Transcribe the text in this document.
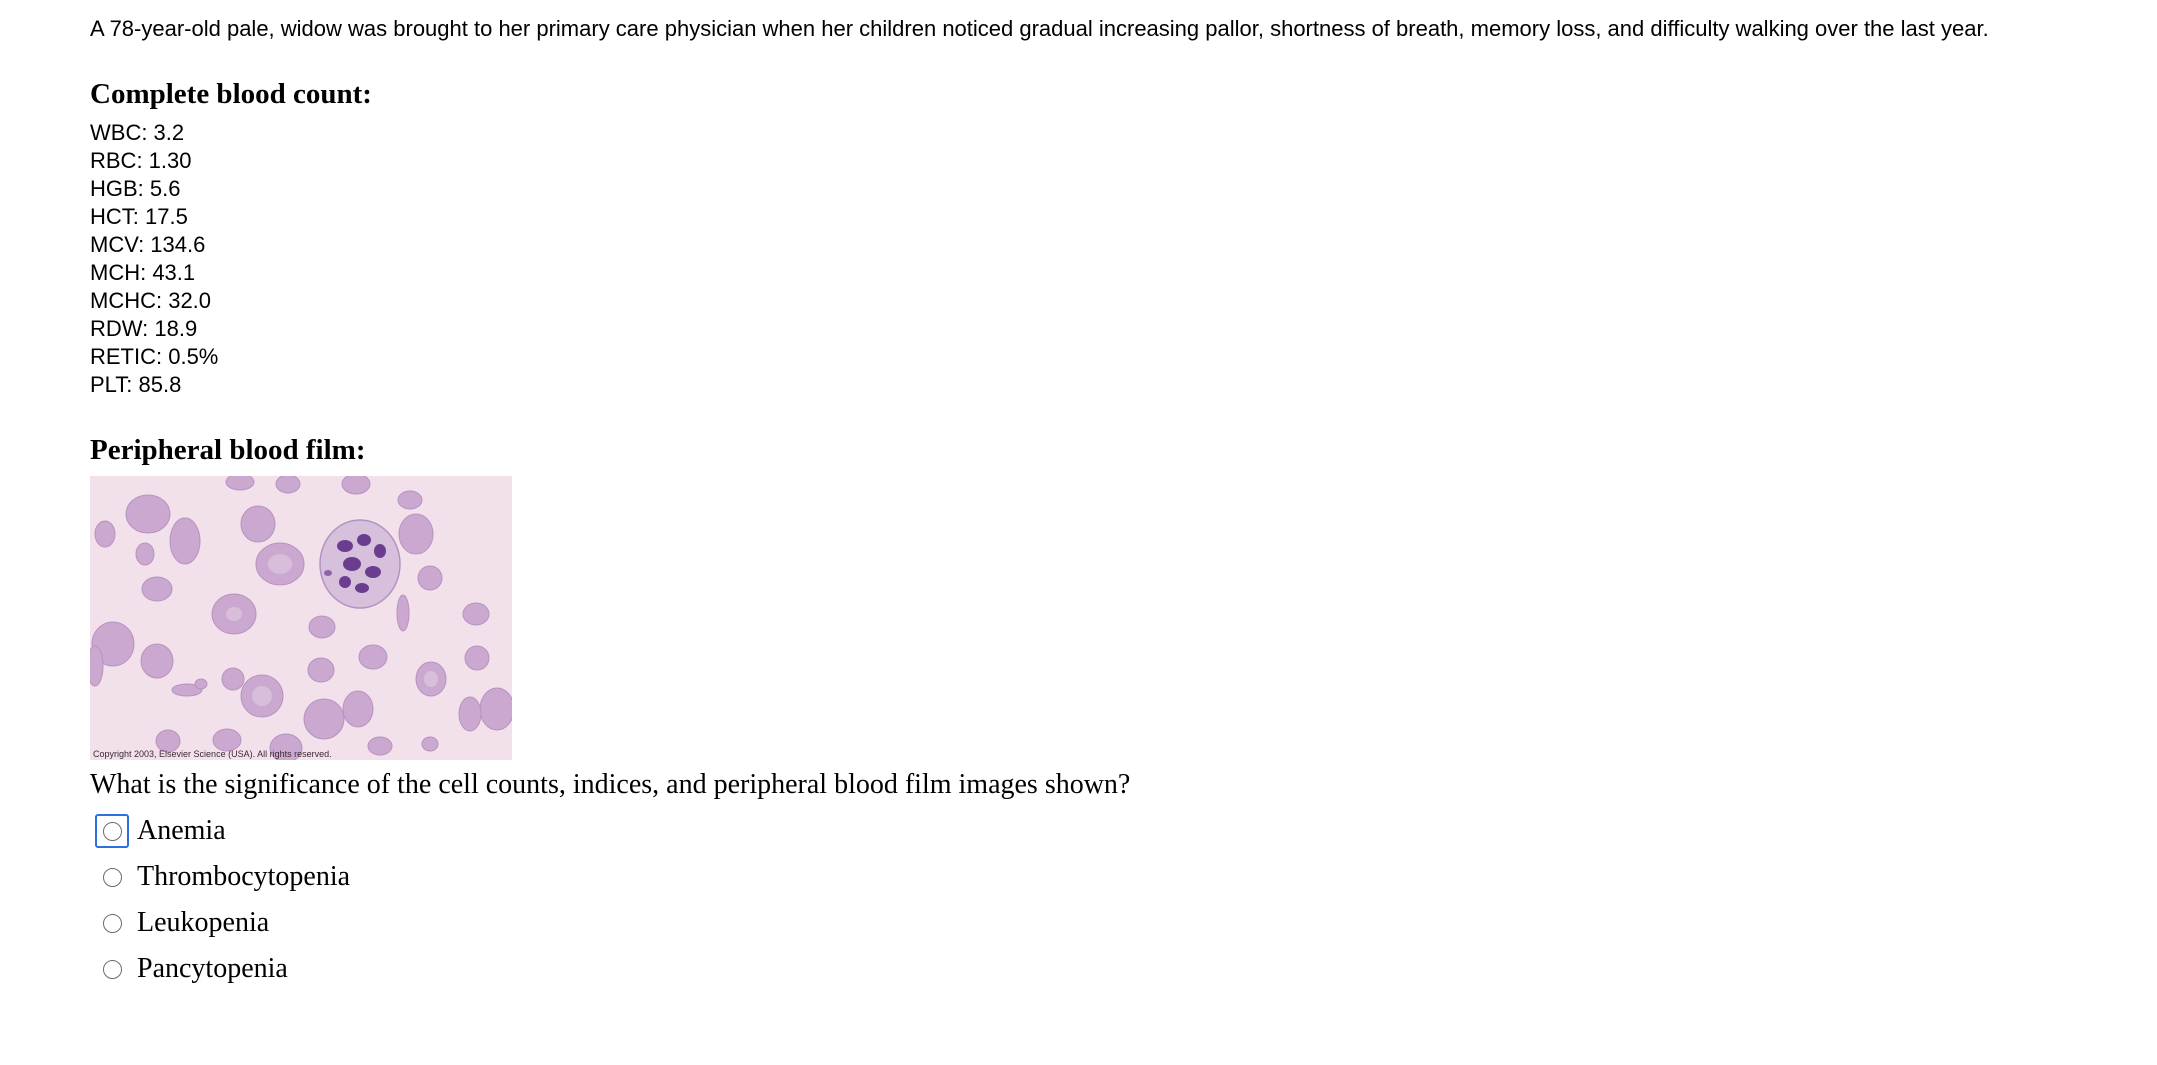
A 78-year-old pale, widow was brought to her primary care physician when her children noticed gradual increasing pallor, shortness of breath, memory loss, and difficulty walking over the last year.

Complete blood count:
WBC: 3.2
RBC: 1.30
HGB: 5.6
HCT: 17.5
MCV: 134.6
MCH: 43.1
MCHC: 32.0
RDW: 18.9
RETIC: 0.5%
PLT: 85.8
Peripheral blood film:
Copyright 2003, Elsevier Science (USA). All rights reserved.

What is the significance of the cell counts, indices, and peripheral blood film images shown?

Anemia
Thrombocytopenia
Leukopenia
Pancytopenia
